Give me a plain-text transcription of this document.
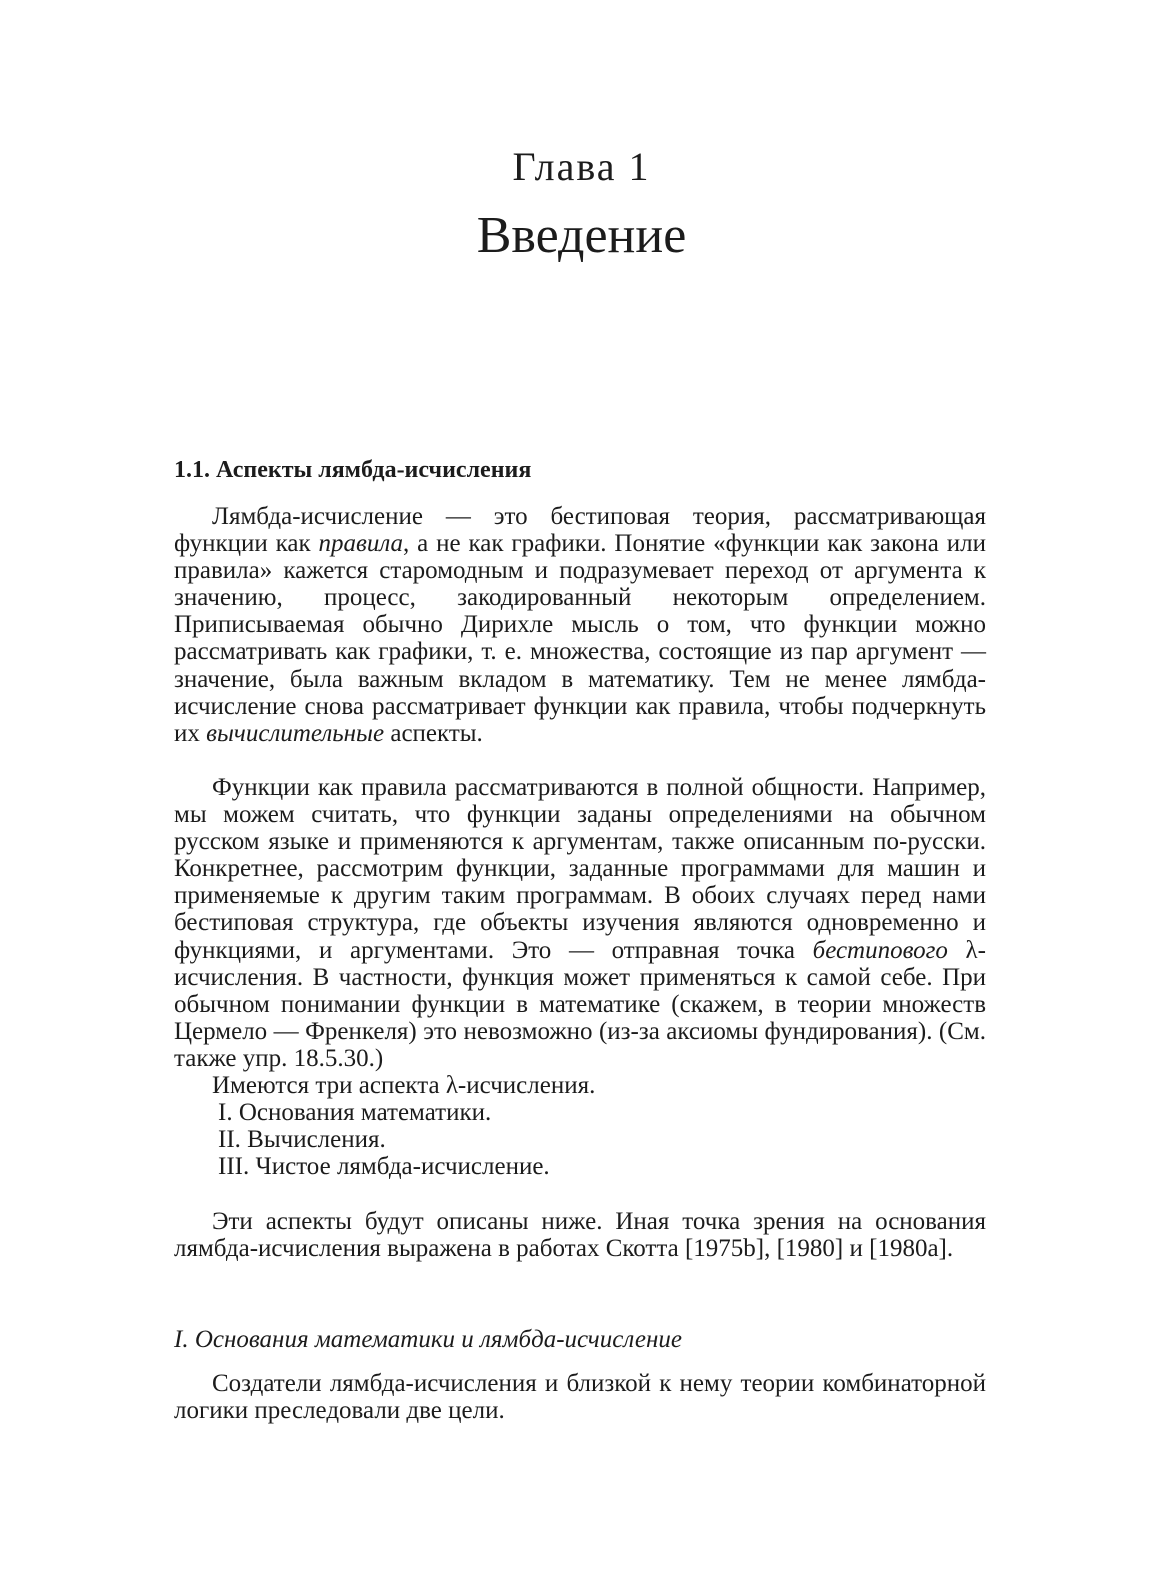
Глава 1
Введение
1.1. Аспекты лямбда-исчисления

Лямбда-исчисление — это бестиповая теория, рассматривающая функции как правила, а не как графики. Понятие «функции как закона или правила» кажется старомодным и подразумевает переход от аргумента к значению, процесс, закодированный некоторым определением. Приписываемая обычно Дирихле мысль о том, что функции можно рассматривать как графики, т. е. множества, состоящие из пар аргумент — значение, была важным вкладом в математику. Тем не менее лямбда-исчисление снова рассматривает функции как правила, чтобы подчеркнуть их вычислительные аспекты.

Функции как правила рассматриваются в полной общности. Например, мы можем считать, что функции заданы определениями на обычном русском языке и применяются к аргументам, также описанным по-русски. Конкретнее, рассмотрим функции, заданные программами для машин и применяемые к другим таким программам. В обоих случаях перед нами бестиповая структура, где объекты изучения являются одновременно и функциями, и аргументами. Это — отправная точка бестипового λ-исчисления. В частности, функция может применяться к самой себе. При обычном понимании функции в математике (скажем, в теории множеств Цермело — Френкеля) это невозможно (из-за аксиомы фундирования). (См. также упр. 18.5.30.)

Имеются три аспекта λ-исчисления.

I. Основания математики.

II. Вычисления.

III. Чистое лямбда-исчисление.

Эти аспекты будут описаны ниже. Иная точка зрения на основания лямбда-исчисления выражена в работах Скотта [1975b], [1980] и [1980a].

I. Основания математики и лямбда-исчисление

Создатели лямбда-исчисления и близкой к нему теории комбинаторной логики преследовали две цели.
